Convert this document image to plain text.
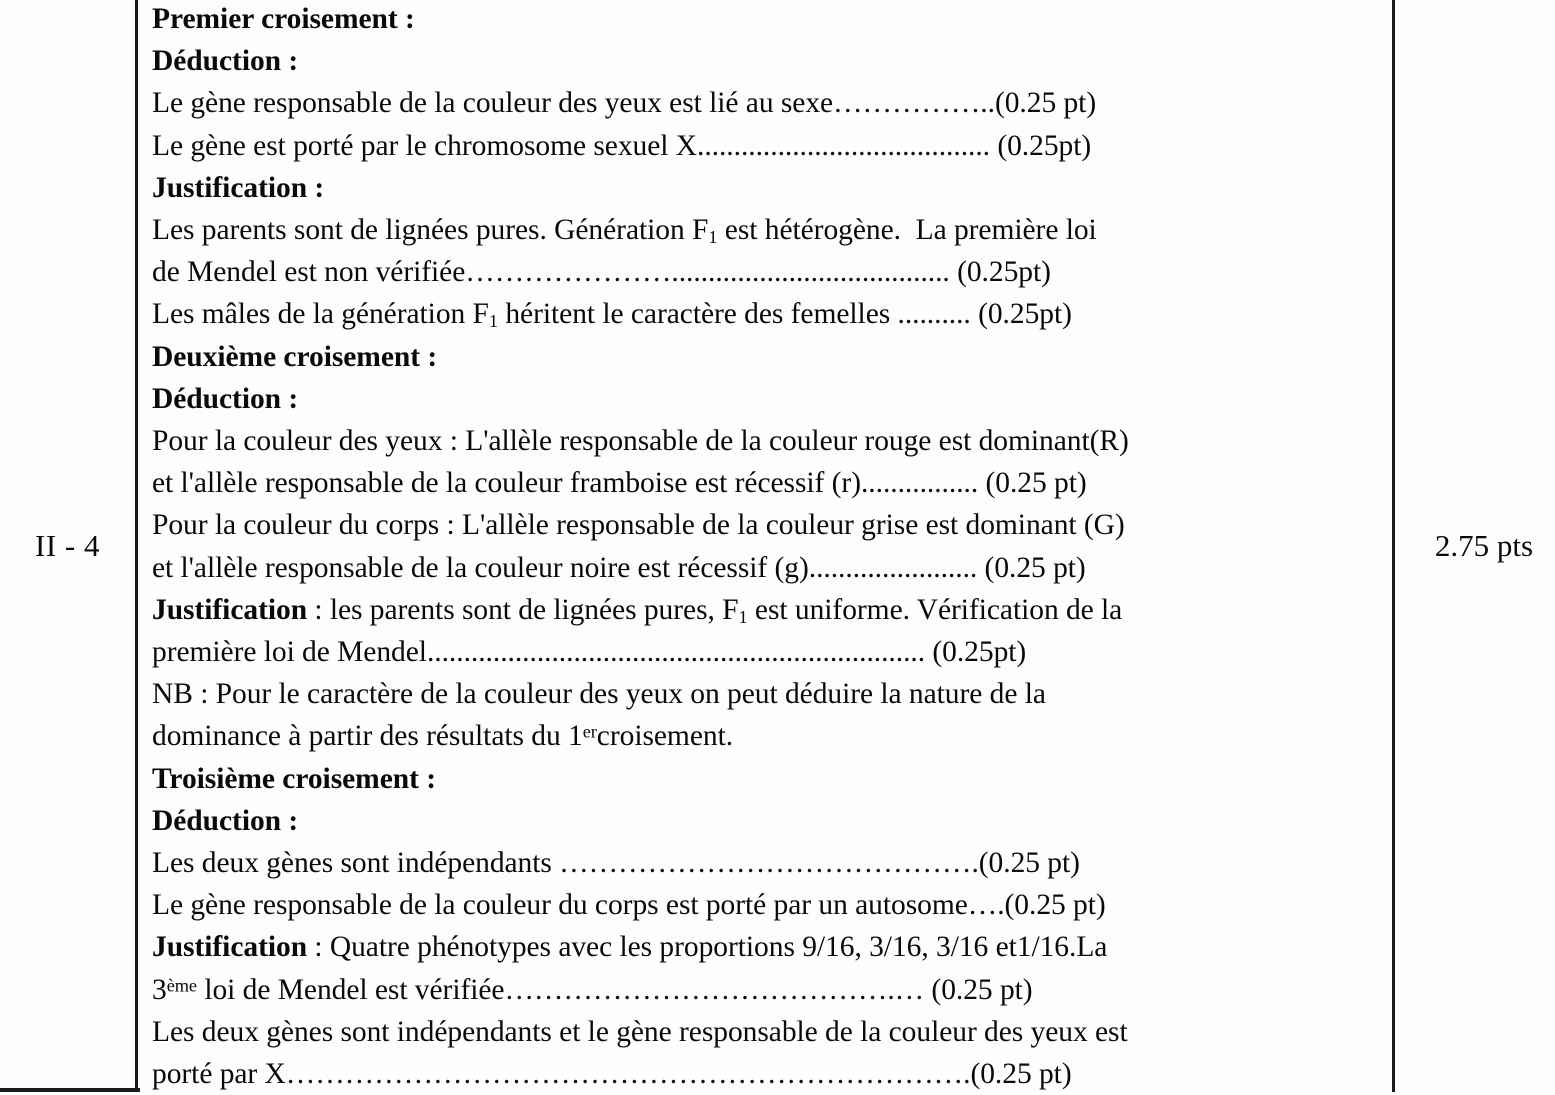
II - 4
Premier croisement :
Déduction :
Le gène responsable de la couleur des yeux est lié au sexe……………..(0.25 pt)
Le gène est porté par le chromosome sexuel X........................................ (0.25pt)
Justification :
Les parents sont de lignées pures. Génération $F_1$ est hétérogène.  La première loi
de Mendel est non vérifiée…………………...................................... (0.25pt)
Les mâles de la génération $F_1$ héritent le caractère des femelles .......... (0.25pt)
Deuxième croisement :
Déduction :
Pour la couleur des yeux : L'allèle responsable de la couleur rouge est dominant(R)
et l'allèle responsable de la couleur framboise est récessif (r)................ (0.25 pt)
Pour la couleur du corps : L'allèle responsable de la couleur grise est dominant (G)
et l'allèle responsable de la couleur noire est récessif (g)....................... (0.25 pt)
Justification : les parents sont de lignées pures, $F_1$ est uniforme. Vérification de la
première loi de Mendel.................................................................... (0.25pt)
NB : Pour le caractère de la couleur des yeux on peut déduire la nature de la
dominance à partir des résultats du 1ercroisement.
Troisième croisement :
Déduction :
Les deux gènes sont indépendants …………………………………….(0.25 pt)
Le gène responsable de la couleur du corps est porté par un autosome….(0.25 pt)
Justification : Quatre phénotypes avec les proportions 9/16, 3/16, 3/16 et1/16.La
3ème loi de Mendel est vérifiée………………………………….… (0.25 pt)
Les deux gènes sont indépendants et le gène responsable de la couleur des yeux est
porté par X…………………………………………………………….(0.25 pt)
2.75 pts
